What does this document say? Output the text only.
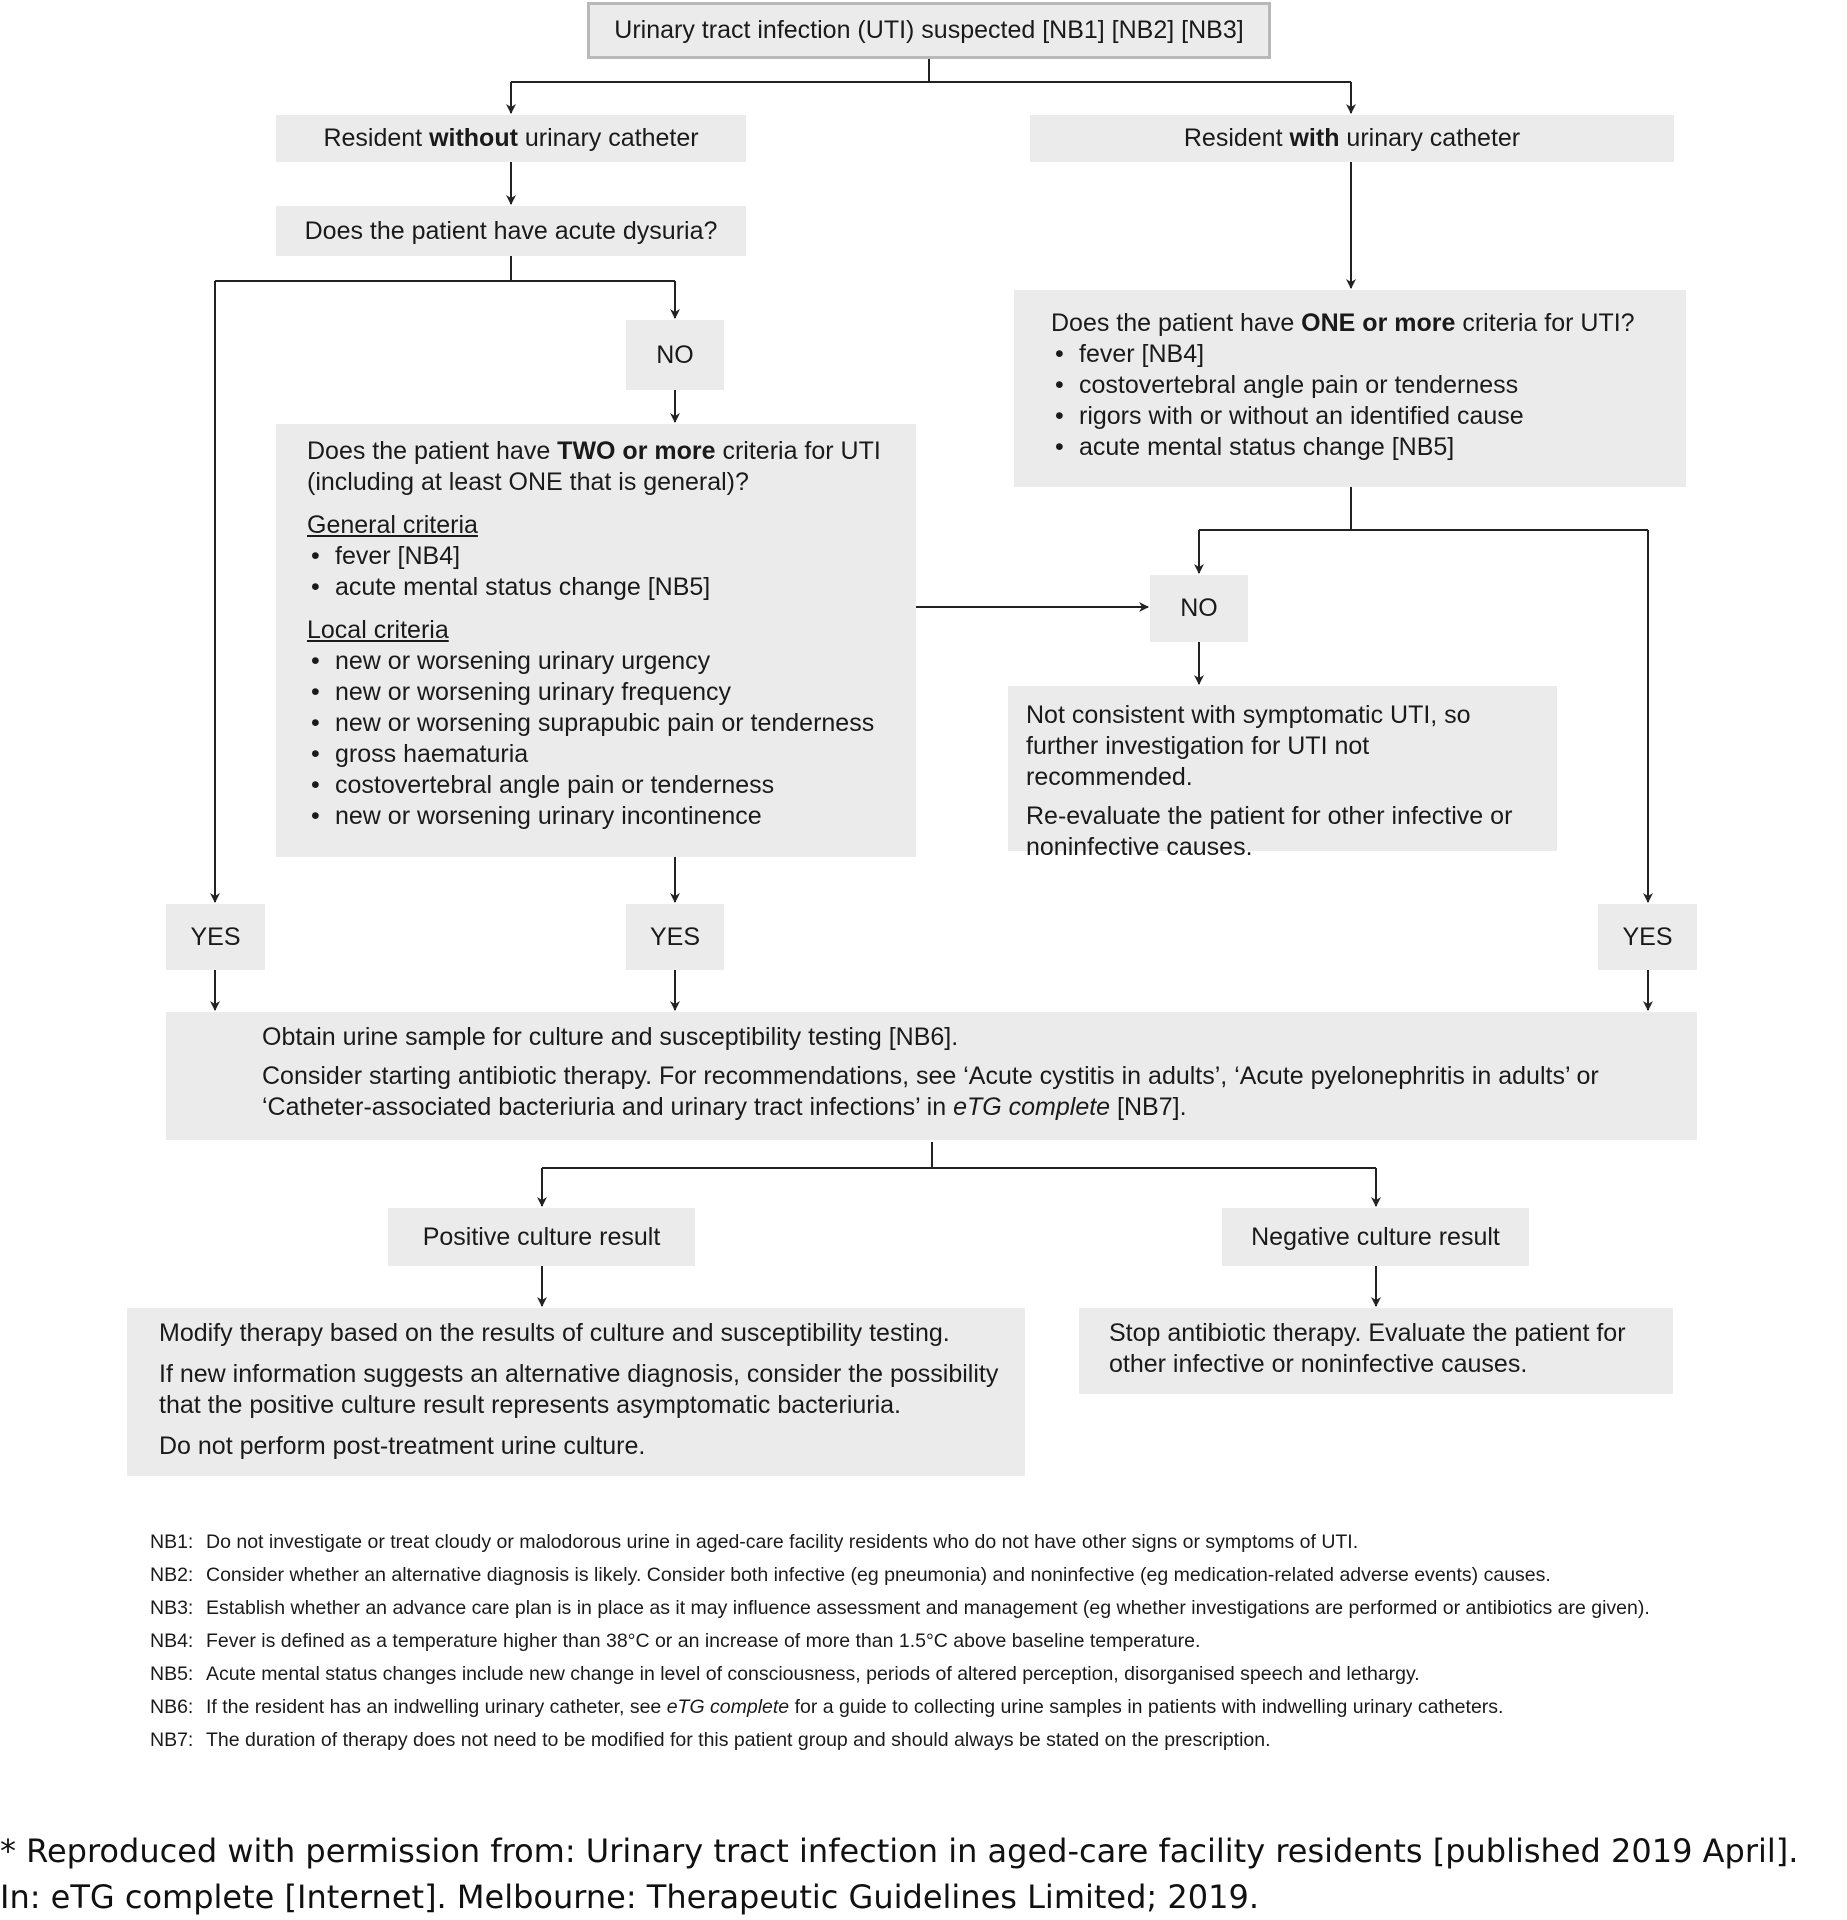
Urinary tract infection (UTI) suspected [NB1] [NB2] [NB3]
Resident without urinary catheter	Resident with urinary catheter
Does the patient have acute dysuria?
NO

Does the patient have TWO or more criteria for UTI (including at least ONE that is general)?

General criteria

• fever [NB4]
• acute mental status change [NB5]

Local criteria

• new or worsening urinary urgency
• new or worsening urinary frequency
• new or worsening suprapubic pain or tenderness
• gross haematuria
• costovertebral angle pain or tenderness
• new or worsening urinary incontinence

Does the patient have ONE or more criteria for UTI?

• fever [NB4]
• costovertebral angle pain or tenderness
• rigors with or without an identified cause
• acute mental status change [NB5]
NO

Not consistent with symptomatic UTI, so further investigation for UTI not recommended.

Re-evaluate the patient for other infective or noninfective causes.

YES	YES	YES

Obtain urine sample for culture and susceptibility testing [NB6].

Consider starting antibiotic therapy. For recommendations, see ‘Acute cystitis in adults’, ‘Acute pyelonephritis in adults’ or ‘Catheter-associated bacteriuria and urinary tract infections’ in eTG complete [NB7].

Positive culture result	Negative culture result

Modify therapy based on the results of culture and susceptibility testing.

If new information suggests an alternative diagnosis, consider the possibility that the positive culture result represents asymptomatic bacteriuria.

Do not perform post-treatment urine culture.

Stop antibiotic therapy. Evaluate the patient for other infective or noninfective causes.

NB1: Do not investigate or treat cloudy or malodorous urine in aged-care facility residents who do not have other signs or symptoms of UTI.
NB2: Consider whether an alternative diagnosis is likely. Consider both infective (eg pneumonia) and noninfective (eg medication-related adverse events) causes.
NB3: Establish whether an advance care plan is in place as it may influence assessment and management (eg whether investigations are performed or antibiotics are given).
NB4: Fever is defined as a temperature higher than 38°C or an increase of more than 1.5°C above baseline temperature.
NB5: Acute mental status changes include new change in level of consciousness, periods of altered perception, disorganised speech and lethargy.
NB6: If the resident has an indwelling urinary catheter, see eTG complete for a guide to collecting urine samples in patients with indwelling urinary catheters.
NB7: The duration of therapy does not need to be modified for this patient group and should always be stated on the prescription.
* Reproduced with permission from: Urinary tract infection in aged-care facility residents [published 2019 April]. In: eTG complete [Internet]. Melbourne: Therapeutic Guidelines Limited; 2019.
